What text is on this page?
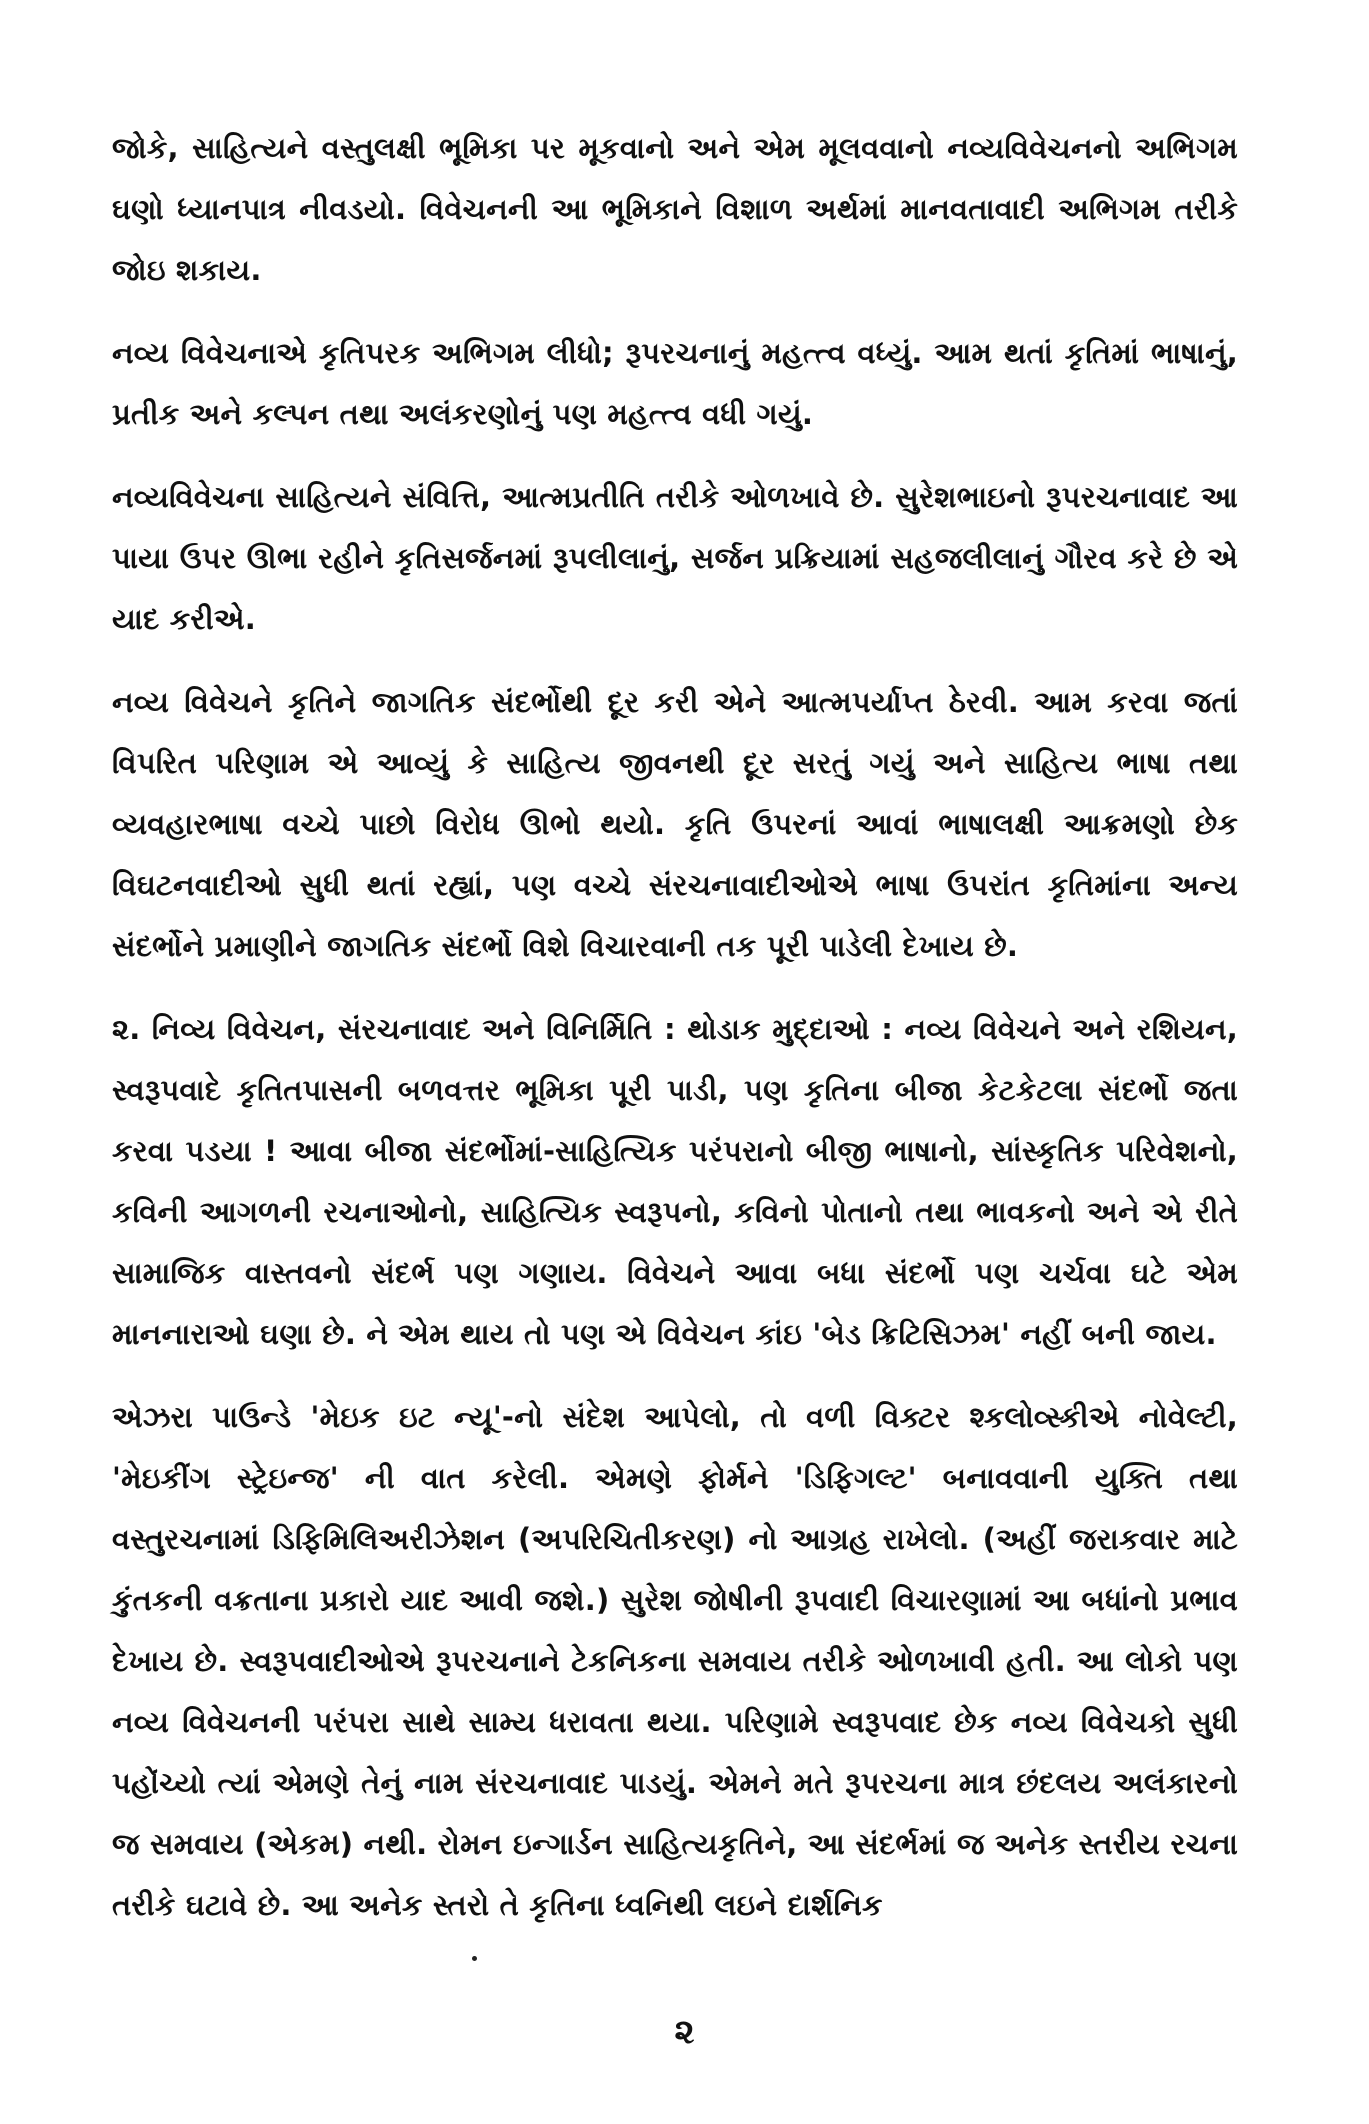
જોકે, સાહિત્યને વસ્તુલક્ષી ભૂમિકા પર મૂકવાનો અને એમ મૂલવવાનો નવ્યવિવેચનનો અભિગમ ઘણો ધ્યાનપાત્ર નીવડયો. વિવેચનની આ ભૂમિકાને વિશાળ અર્થમાં માનવતાવાદી અભિગમ તરીકે જોઇ શકાય.

નવ્ય વિવેચનાએ કૃતિપરક અભિગમ લીધો; રૂપરચનાનું મહત્ત્વ વધ્યું. આમ થતાં કૃતિમાં ભાષાનું, પ્રતીક અને કલ્પન તથા અલંકરણોનું પણ મહત્ત્વ વધી ગયું.

નવ્યવિવેચના સાહિત્યને સંવિત્તિ, આત્મપ્રતીતિ તરીકે ઓળખાવે છે. સુરેશભાઇનો રૂપરચનાવાદ આ પાયા ઉપર ઊભા રહીને કૃતિસર્જનમાં રૂપલીલાનું, સર્જન પ્રક્રિયામાં સહજલીલાનું ગૌરવ કરે છે એ યાદ કરીએ.

નવ્ય વિવેચને કૃતિને જાગતિક સંદર્ભોથી દૂર કરી એને આત્મપર્યાપ્ત ઠેરવી. આમ કરવા જતાં વિપરિત પરિણામ એ આવ્યું કે સાહિત્ય જીવનથી દૂર સરતું ગયું અને સાહિત્ય ભાષા તથા વ્યવહારભાષા વચ્ચે પાછો વિરોધ ઊભો થયો. કૃતિ ઉપરનાં આવાં ભાષાલક્ષી આક્રમણો છેક વિઘટનવાદીઓ સુધી થતાં રહ્યાં, પણ વચ્ચે સંરચનાવાદીઓએ ભાષા ઉપરાંત કૃતિમાંના અન્ય સંદર્ભોને પ્રમાણીને જાગતિક સંદર્ભો વિશે વિચારવાની તક પૂરી પાડેલી દેખાય છે.

૨. નિવ્ય વિવેચન, સંરચનાવાદ અને વિનિર્મિતિ : થોડાક મુદ્દાઓ : નવ્ય વિવેચને અને રશિયન, સ્વરૂપવાદે કૃતિતપાસની બળવત્તર ભૂમિકા પૂરી પાડી, પણ કૃતિના બીજા કેટકેટલા સંદર્ભો જતા કરવા પડયા ! આવા બીજા સંદર્ભોમાં-સાહિત્યિક પરંપરાનો બીજી ભાષાનો, સાંસ્કૃતિક પરિવેશનો, કવિની આગળની રચનાઓનો, સાહિત્યિક સ્વરૂપનો, કવિનો પોતાનો તથા ભાવકનો અને એ રીતે સામાજિક વાસ્તવનો સંદર્ભ પણ ગણાય. વિવેચને આવા બધા સંદર્ભો પણ ચર્ચવા ઘટે એમ માનનારાઓ ઘણા છે. ને એમ થાય તો પણ એ વિવેચન કાંઇ 'બેડ ક્રિટિસિઝમ' નહીં બની જાય.

એઝરા પાઉન્ડે 'મેઇક ઇટ ન્યૂ'-નો સંદેશ આપેલો, તો વળી વિક્ટર શ્કલોવ્સ્કીએ નોવેલ્ટી, 'મેઇકીંગ સ્ટ્રેઇન્જ' ની વાત કરેલી. એમણે ફોર્મને 'ડિફિગલ્ટ' બનાવવાની યુક્તિ તથા વસ્તુરચનામાં ડિફિમિલિઅરીઝેશન (અપરિચિતીકરણ) નો આગ્રહ રાખેલો. (અહીં જરાકવાર માટે કુંતકની વક્રતાના પ્રકારો યાદ આવી જશે.) સુરેશ જોષીની રૂપવાદી વિચારણામાં આ બધાંનો પ્રભાવ દેખાય છે. સ્વરૂપવાદીઓએ રૂપરચનાને ટેકનિકના સમવાય તરીકે ઓળખાવી હતી. આ લોકો પણ નવ્ય વિવેચનની પરંપરા સાથે સામ્ય ધરાવતા થયા. પરિણામે સ્વરૂપવાદ છેક નવ્ય વિવેચકો સુધી પહોંચ્યો ત્યાં એમણે તેનું નામ સંરચનાવાદ પાડયું. એમને મતે રૂપરચના માત્ર છંદલય અલંકારનો જ સમવાય (એકમ) નથી. રોમન ઇન્ગાર્ડન સાહિત્યકૃતિને, આ સંદર્ભમાં જ અનેક સ્તરીય રચના તરીકે ઘટાવે છે. આ અનેક સ્તરો તે કૃતિના ધ્વનિથી લઇને દાર્શનિક

૨
